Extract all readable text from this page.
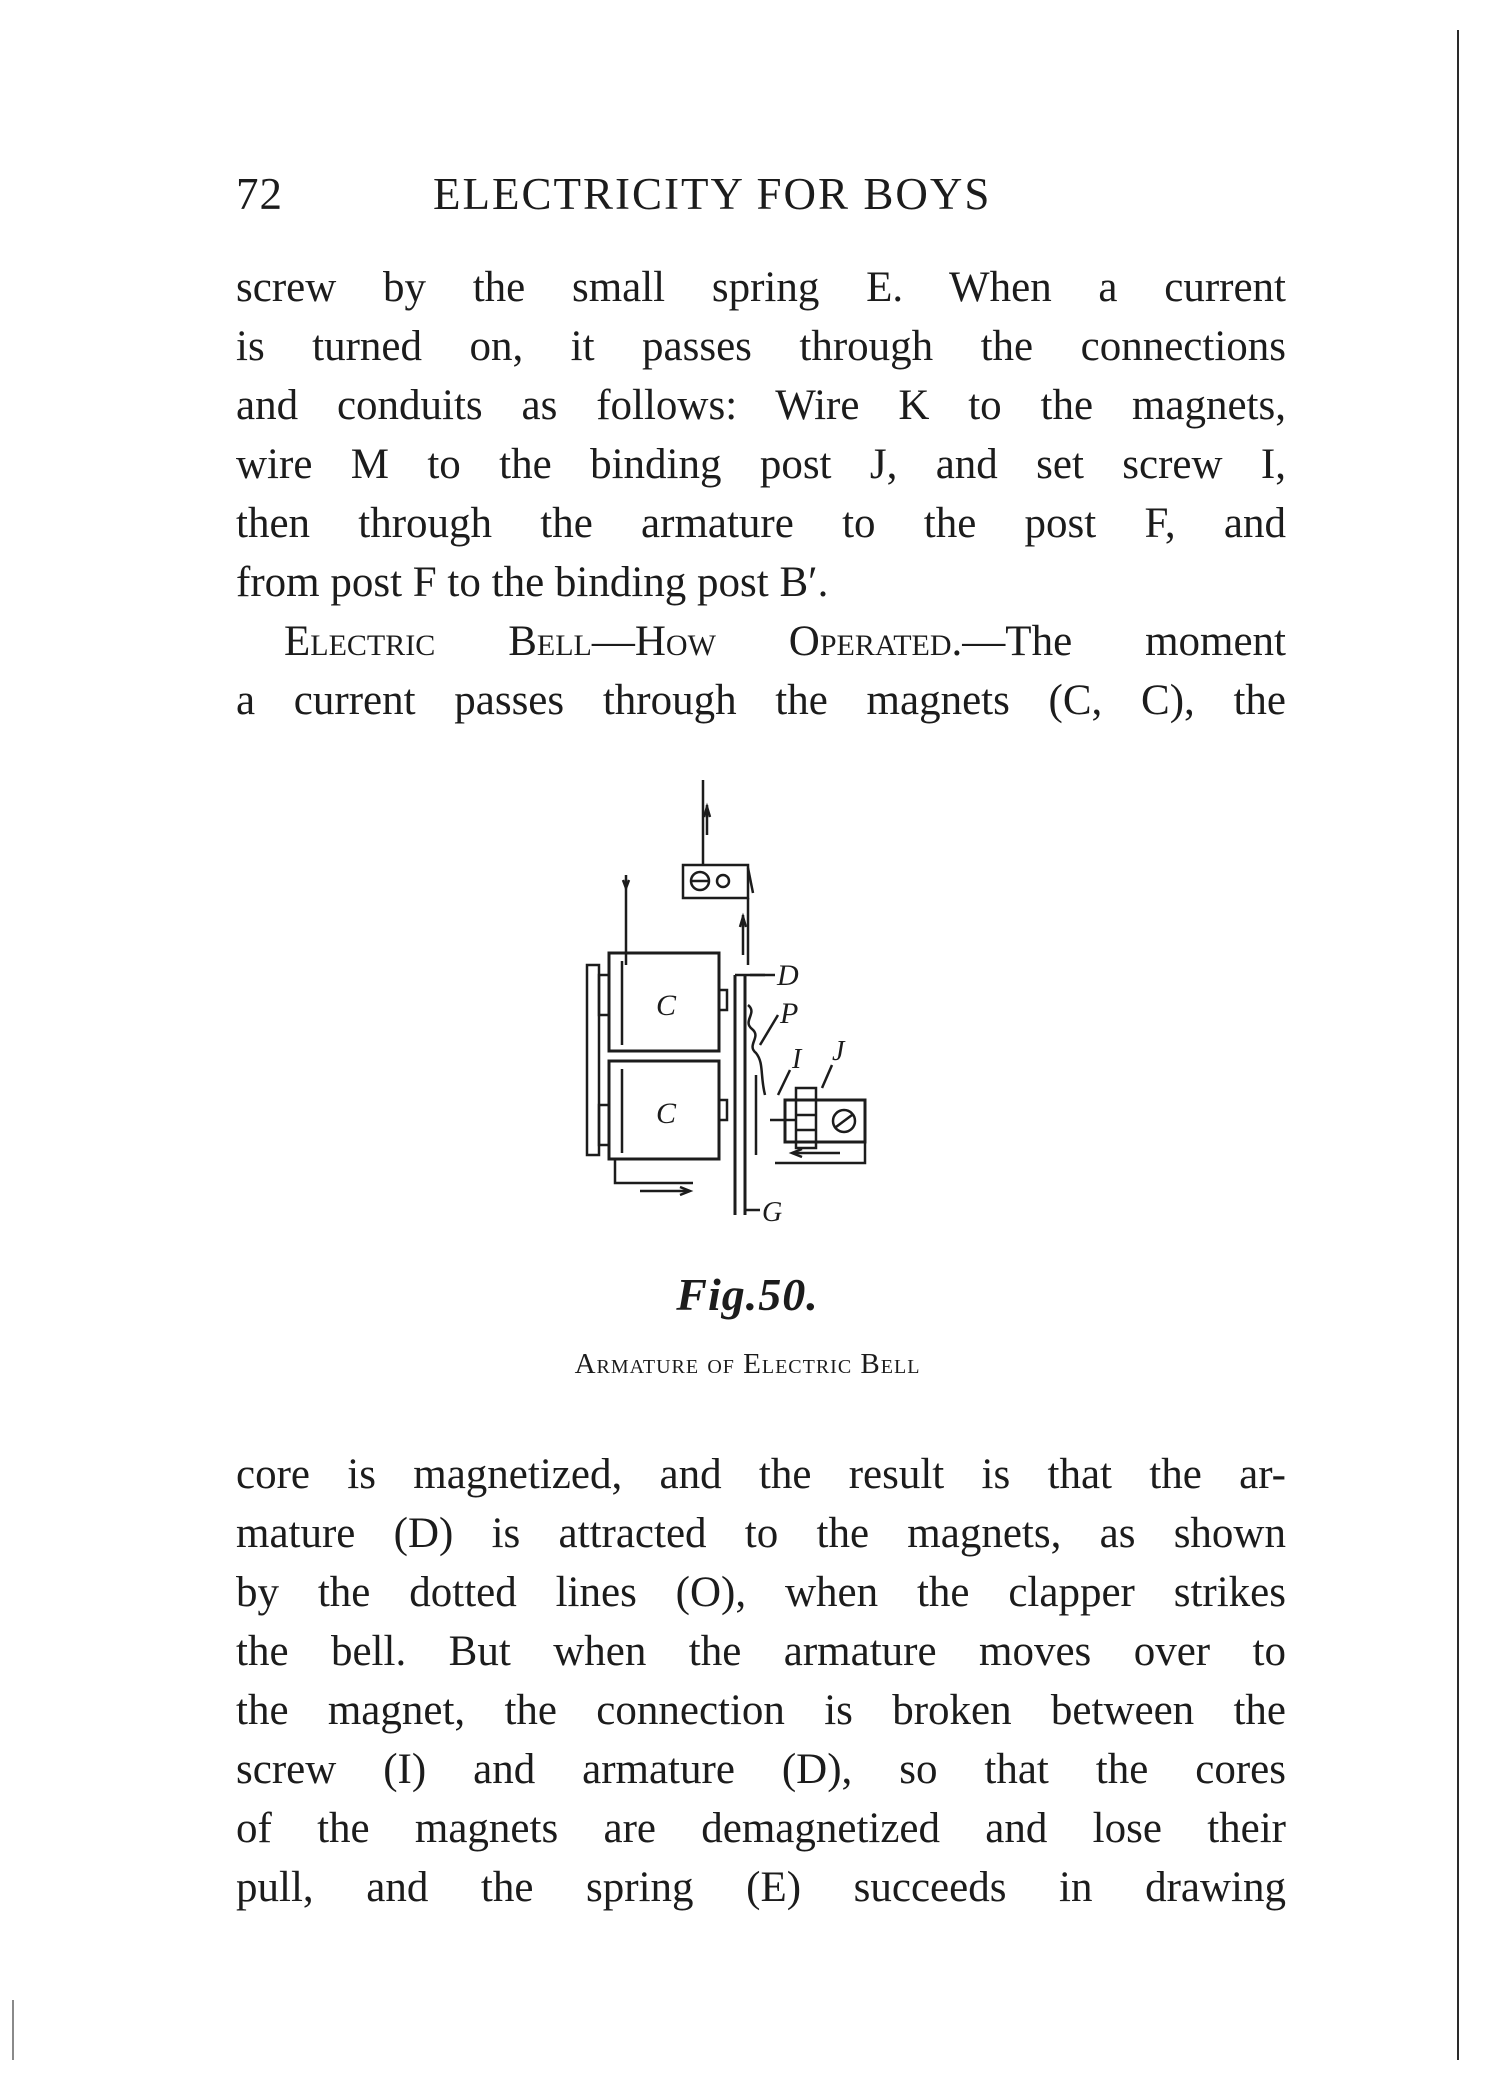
72	ELECTRICITY FOR BOYS
screw by the small spring E. When a current
is turned on, it passes through the connections
and conduits as follows: Wire K to the magnets,
wire M to the binding post J, and set screw I,
then through the armature to the post F, and
from post F to the binding post B′.
Electric Bell—How Operated.—The moment
a current passes through the magnets (C, C), the
C
C
D
P
I J
G
Fig.50.
Armature of Electric Bell
core is magnetized, and the result is that the ar-
mature (D) is attracted to the magnets, as shown
by the dotted lines (O), when the clapper strikes
the bell. But when the armature moves over to
the magnet, the connection is broken between the
screw (I) and armature (D), so that the cores
of the magnets are demagnetized and lose their
pull, and the spring (E) succeeds in drawing
